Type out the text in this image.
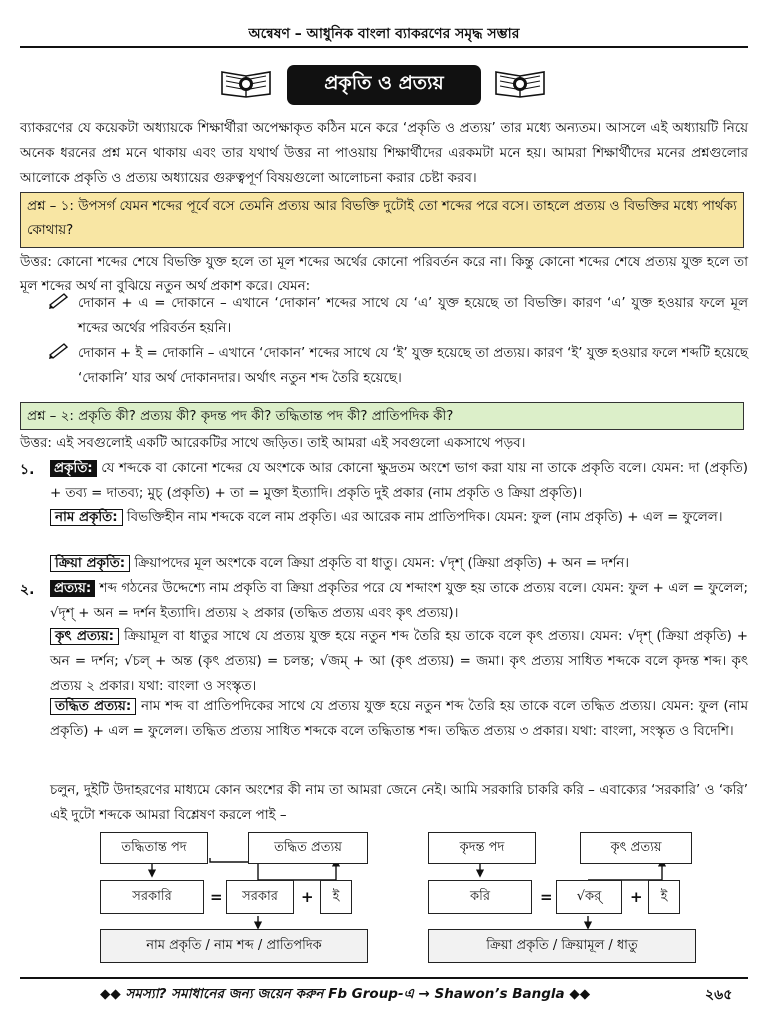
অন্বেষণ – আধুনিক বাংলা ব্যাকরণের সমৃদ্ধ সম্ভার
প্রকৃতি ও প্রত্যয়
ব্যাকরণের যে কয়েকটা অধ্যায়কে শিক্ষার্থীরা অপেক্ষাকৃত কঠিন মনে করে ‘প্রকৃতি ও প্রত্যয়’ তার মধ্যে অন্যতম। আসলে এই অধ্যায়টি নিয়ে অনেক ধরনের প্রশ্ন মনে থাকায় এবং তার যথার্থ উত্তর না পাওয়ায় শিক্ষার্থীদের এরকমটা মনে হয়। আমরা শিক্ষার্থীদের মনের প্রশ্নগুলোর আলোকে প্রকৃতি ও প্রত্যয় অধ্যায়ের গুরুত্বপূর্ণ বিষয়গুলো আলোচনা করার চেষ্টা করব।
প্রশ্ন – ১: উপসর্গ যেমন শব্দের পূর্বে বসে তেমনি প্রত্যয় আর বিভক্তি দুটোই তো শব্দের পরে বসে। তাহলে প্রত্যয় ও বিভক্তির মধ্যে পার্থক্য কোথায়?
উত্তর: কোনো শব্দের শেষে বিভক্তি যুক্ত হলে তা মূল শব্দের অর্থের কোনো পরিবর্তন করে না। কিন্তু কোনো শব্দের শেষে প্রত্যয় যুক্ত হলে তা মূল শব্দের অর্থ না বুঝিয়ে নতুন অর্থ প্রকাশ করে। যেমন:
দোকান + এ = দোকানে – এখানে ‘দোকান’ শব্দের সাথে যে ‘এ’ যুক্ত হয়েছে তা বিভক্তি। কারণ ‘এ’ যুক্ত হওয়ার ফলে মূল শব্দের অর্থের পরিবর্তন হয়নি।
দোকান + ই = দোকানি – এখানে ‘দোকান’ শব্দের সাথে যে ‘ই’ যুক্ত হয়েছে তা প্রত্যয়। কারণ ‘ই’ যুক্ত হওয়ার ফলে শব্দটি হয়েছে ‘দোকানি’ যার অর্থ দোকানদার। অর্থাৎ নতুন শব্দ তৈরি হয়েছে।
প্রশ্ন – ২: প্রকৃতি কী? প্রত্যয় কী? কৃদন্ত পদ কী? তদ্ধিতান্ত পদ কী? প্রাতিপদিক কী?
উত্তর: এই সবগুলোই একটি আরেকটির সাথে জড়িত। তাই আমরা এই সবগুলো একসাথে পড়ব।
১. প্রকৃতি: যে শব্দকে বা কোনো শব্দের যে অংশকে আর কোনো ক্ষুদ্রতম অংশে ভাগ করা যায় না তাকে প্রকৃতি বলে। যেমন: দা (প্রকৃতি) + তব্য = দাতব্য; মুচ্ (প্রকৃতি) + তা = মুক্তা ইত্যাদি। প্রকৃতি দুই প্রকার (নাম প্রকৃতি ও ক্রিয়া প্রকৃতি)।
নাম প্রকৃতি: বিভক্তিহীন নাম শব্দকে বলে নাম প্রকৃতি। এর আরেক নাম প্রাতিপদিক। যেমন: ফুল (নাম প্রকৃতি) + এল = ফুলেল।
ক্রিয়া প্রকৃতি: ক্রিয়াপদের মূল অংশকে বলে ক্রিয়া প্রকৃতি বা ধাতু। যেমন: √দৃশ্ (ক্রিয়া প্রকৃতি) + অন = দর্শন।
২. প্রত্যয়: শব্দ গঠনের উদ্দেশ্যে নাম প্রকৃতি বা ক্রিয়া প্রকৃতির পরে যে শব্দাংশ যুক্ত হয় তাকে প্রত্যয় বলে। যেমন: ফুল + এল = ফুলেল; √দৃশ্ + অন = দর্শন ইত্যাদি। প্রত্যয় ২ প্রকার (তদ্ধিত প্রত্যয় এবং কৃৎ প্রত্যয়)।
কৃৎ প্রত্যয়: ক্রিয়ামূল বা ধাতুর সাথে যে প্রত্যয় যুক্ত হয়ে নতুন শব্দ তৈরি হয় তাকে বলে কৃৎ প্রত্যয়। যেমন: √দৃশ্ (ক্রিয়া প্রকৃতি) + অন = দর্শন; √চল্ + অন্ত (কৃৎ প্রত্যয়) = চলন্ত; √জম্ + আ (কৃৎ প্রত্যয়) = জমা। কৃৎ প্রত্যয় সাধিত শব্দকে বলে কৃদন্ত শব্দ। কৃৎ প্রত্যয় ২ প্রকার। যথা: বাংলা ও সংস্কৃত।
তদ্ধিত প্রত্যয়: নাম শব্দ বা প্রাতিপদিকের সাথে যে প্রত্যয় যুক্ত হয়ে নতুন শব্দ তৈরি হয় তাকে বলে তদ্ধিত প্রত্যয়। যেমন: ফুল (নাম প্রকৃতি) + এল = ফুলেল। তদ্ধিত প্রত্যয় সাধিত শব্দকে বলে তদ্ধিতান্ত শব্দ। তদ্ধিত প্রত্যয় ৩ প্রকার। যথা: বাংলা, সংস্কৃত ও বিদেশি।
চলুন, দুইটি উদাহরণের মাধ্যমে কোন অংশের কী নাম তা আমরা জেনে নেই। আমি সরকারি চাকরি করি – এবাক্যের ‘সরকারি’ ও ‘করি’ এই দুটো শব্দকে আমরা বিশ্লেষণ করলে পাই –
তদ্ধিতান্ত পদ	তদ্ধিত প্রত্যয়
সরকারি	=	সরকার	+	ই
নাম প্রকৃতি / নাম শব্দ / প্রাতিপদিক
কৃদন্ত পদ	কৃৎ প্রত্যয়
করি	=	√কর্	+	ই
ক্রিয়া প্রকৃতি / ক্রিয়ামূল / ধাতু
◆◆ সমস্যা? সমাধানের জন্য জয়েন করুন Fb Group-এ → Shawon’s Bangla ◆◆	২৬৫
